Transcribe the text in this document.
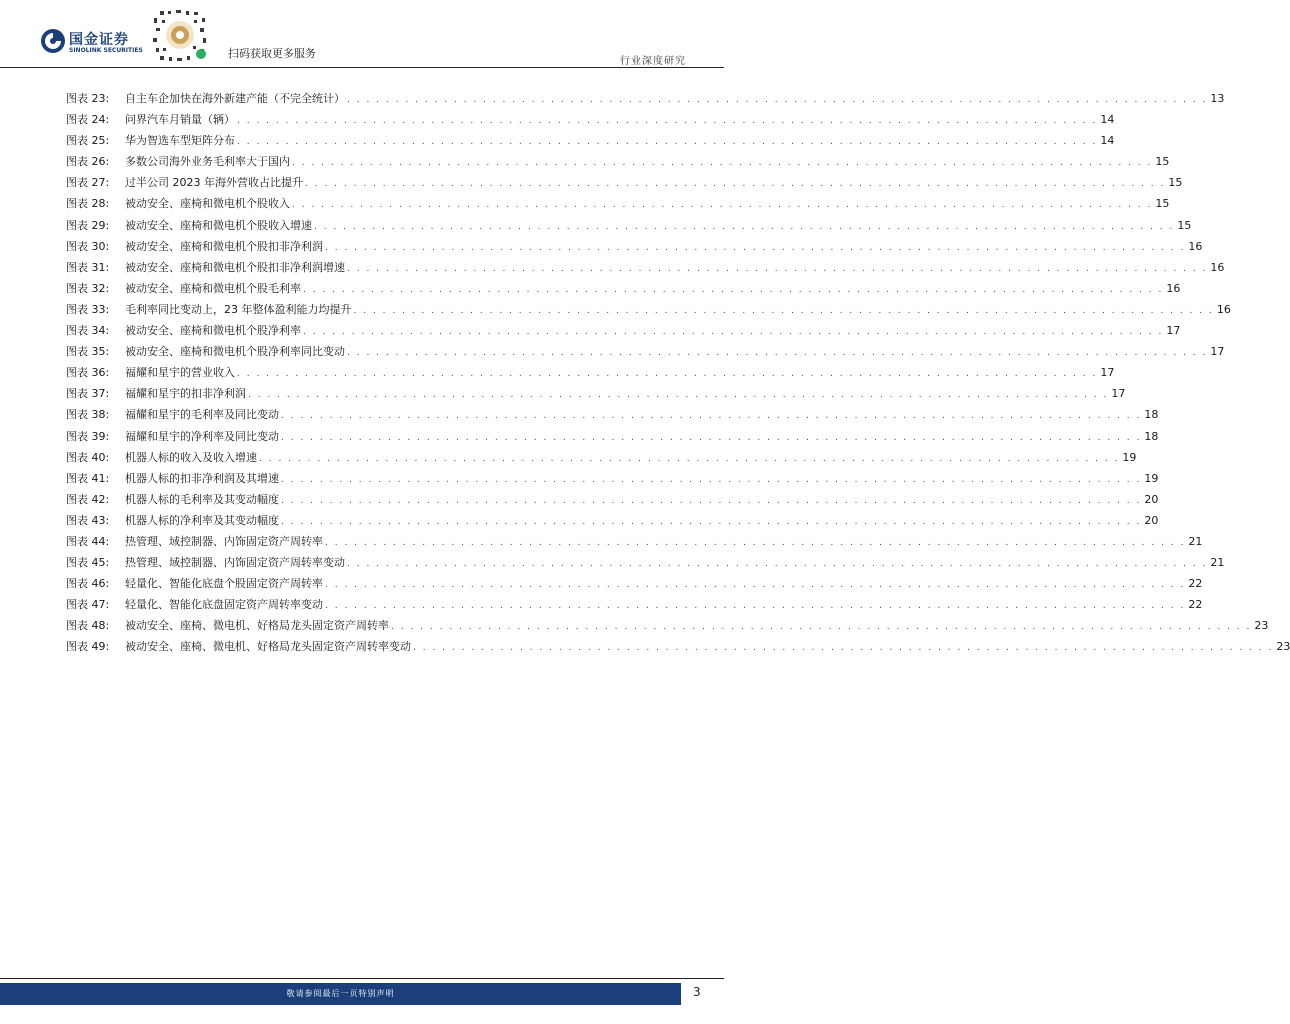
国金证券
SINOLINK SECURITIES	扫码获取更多服务
行业深度研究
图表 23:	自主车企加快在海外新建产能（不完全统计） . . . . . . . . . . . . . . . . . . . . . . . . . . . . . . . . . . . . . . . . . . . . . . . . . . . . . . . . . . . . . . . . . . . . . . . . . . . . . . . . . . . . . . . . . 13
图表 24:	问界汽车月销量（辆） . . . . . . . . . . . . . . . . . . . . . . . . . . . . . . . . . . . . . . . . . . . . . . . . . . . . . . . . . . . . . . . . . . . . . . . . . . . . . . . . . . . . . . . . . 14
图表 25:	华为智选车型矩阵分布 . . . . . . . . . . . . . . . . . . . . . . . . . . . . . . . . . . . . . . . . . . . . . . . . . . . . . . . . . . . . . . . . . . . . . . . . . . . . . . . . . . . . . . . . . 14
图表 26:	多数公司海外业务毛利率大于国内 . . . . . . . . . . . . . . . . . . . . . . . . . . . . . . . . . . . . . . . . . . . . . . . . . . . . . . . . . . . . . . . . . . . . . . . . . . . . . . . . . . . . . . . . . 15
图表 27:	过半公司 2023 年海外营收占比提升 . . . . . . . . . . . . . . . . . . . . . . . . . . . . . . . . . . . . . . . . . . . . . . . . . . . . . . . . . . . . . . . . . . . . . . . . . . . . . . . . . . . . . . . . . 15
图表 28:	被动安全、座椅和微电机个股收入 . . . . . . . . . . . . . . . . . . . . . . . . . . . . . . . . . . . . . . . . . . . . . . . . . . . . . . . . . . . . . . . . . . . . . . . . . . . . . . . . . . . . . . . . . 15
图表 29:	被动安全、座椅和微电机个股收入增速 . . . . . . . . . . . . . . . . . . . . . . . . . . . . . . . . . . . . . . . . . . . . . . . . . . . . . . . . . . . . . . . . . . . . . . . . . . . . . . . . . . . . . . . . . 15
图表 30:	被动安全、座椅和微电机个股扣非净利润 . . . . . . . . . . . . . . . . . . . . . . . . . . . . . . . . . . . . . . . . . . . . . . . . . . . . . . . . . . . . . . . . . . . . . . . . . . . . . . . . . . . . . . . . . 16
图表 31:	被动安全、座椅和微电机个股扣非净利润增速 . . . . . . . . . . . . . . . . . . . . . . . . . . . . . . . . . . . . . . . . . . . . . . . . . . . . . . . . . . . . . . . . . . . . . . . . . . . . . . . . . . . . . . . . . 16
图表 32:	被动安全、座椅和微电机个股毛利率 . . . . . . . . . . . . . . . . . . . . . . . . . . . . . . . . . . . . . . . . . . . . . . . . . . . . . . . . . . . . . . . . . . . . . . . . . . . . . . . . . . . . . . . . . 16
图表 33:	毛利率同比变动上，23 年整体盈利能力均提升 . . . . . . . . . . . . . . . . . . . . . . . . . . . . . . . . . . . . . . . . . . . . . . . . . . . . . . . . . . . . . . . . . . . . . . . . . . . . . . . . . . . . . . . . . 16
图表 34:	被动安全、座椅和微电机个股净利率 . . . . . . . . . . . . . . . . . . . . . . . . . . . . . . . . . . . . . . . . . . . . . . . . . . . . . . . . . . . . . . . . . . . . . . . . . . . . . . . . . . . . . . . . . 17
图表 35:	被动安全、座椅和微电机个股净利率同比变动 . . . . . . . . . . . . . . . . . . . . . . . . . . . . . . . . . . . . . . . . . . . . . . . . . . . . . . . . . . . . . . . . . . . . . . . . . . . . . . . . . . . . . . . . . 17
图表 36:	福耀和星宇的营业收入 . . . . . . . . . . . . . . . . . . . . . . . . . . . . . . . . . . . . . . . . . . . . . . . . . . . . . . . . . . . . . . . . . . . . . . . . . . . . . . . . . . . . . . . . . 17
图表 37:	福耀和星宇的扣非净利润 . . . . . . . . . . . . . . . . . . . . . . . . . . . . . . . . . . . . . . . . . . . . . . . . . . . . . . . . . . . . . . . . . . . . . . . . . . . . . . . . . . . . . . . . . 17
图表 38:	福耀和星宇的毛利率及同比变动 . . . . . . . . . . . . . . . . . . . . . . . . . . . . . . . . . . . . . . . . . . . . . . . . . . . . . . . . . . . . . . . . . . . . . . . . . . . . . . . . . . . . . . . . . 18
图表 39:	福耀和星宇的净利率及同比变动 . . . . . . . . . . . . . . . . . . . . . . . . . . . . . . . . . . . . . . . . . . . . . . . . . . . . . . . . . . . . . . . . . . . . . . . . . . . . . . . . . . . . . . . . . 18
图表 40:	机器人标的收入及收入增速 . . . . . . . . . . . . . . . . . . . . . . . . . . . . . . . . . . . . . . . . . . . . . . . . . . . . . . . . . . . . . . . . . . . . . . . . . . . . . . . . . . . . . . . . . 19
图表 41:	机器人标的扣非净利润及其增速 . . . . . . . . . . . . . . . . . . . . . . . . . . . . . . . . . . . . . . . . . . . . . . . . . . . . . . . . . . . . . . . . . . . . . . . . . . . . . . . . . . . . . . . . . 19
图表 42:	机器人标的毛利率及其变动幅度 . . . . . . . . . . . . . . . . . . . . . . . . . . . . . . . . . . . . . . . . . . . . . . . . . . . . . . . . . . . . . . . . . . . . . . . . . . . . . . . . . . . . . . . . . 20
图表 43:	机器人标的净利率及其变动幅度 . . . . . . . . . . . . . . . . . . . . . . . . . . . . . . . . . . . . . . . . . . . . . . . . . . . . . . . . . . . . . . . . . . . . . . . . . . . . . . . . . . . . . . . . . 20
图表 44:	热管理、域控制器、内饰固定资产周转率 . . . . . . . . . . . . . . . . . . . . . . . . . . . . . . . . . . . . . . . . . . . . . . . . . . . . . . . . . . . . . . . . . . . . . . . . . . . . . . . . . . . . . . . . . 21
图表 45:	热管理、域控制器、内饰固定资产周转率变动 . . . . . . . . . . . . . . . . . . . . . . . . . . . . . . . . . . . . . . . . . . . . . . . . . . . . . . . . . . . . . . . . . . . . . . . . . . . . . . . . . . . . . . . . . 21
图表 46:	轻量化、智能化底盘个股固定资产周转率 . . . . . . . . . . . . . . . . . . . . . . . . . . . . . . . . . . . . . . . . . . . . . . . . . . . . . . . . . . . . . . . . . . . . . . . . . . . . . . . . . . . . . . . . . 22
图表 47:	轻量化、智能化底盘固定资产周转率变动 . . . . . . . . . . . . . . . . . . . . . . . . . . . . . . . . . . . . . . . . . . . . . . . . . . . . . . . . . . . . . . . . . . . . . . . . . . . . . . . . . . . . . . . . . 22
图表 48:	被动安全、座椅、微电机、好格局龙头固定资产周转率 . . . . . . . . . . . . . . . . . . . . . . . . . . . . . . . . . . . . . . . . . . . . . . . . . . . . . . . . . . . . . . . . . . . . . . . . . . . . . . . . . . . . . . . . . 23
图表 49:	被动安全、座椅、微电机、好格局龙头固定资产周转率变动 . . . . . . . . . . . . . . . . . . . . . . . . . . . . . . . . . . . . . . . . . . . . . . . . . . . . . . . . . . . . . . . . . . . . . . . . . . . . . . . . . . . . . . . . . 23
敬请参阅最后一页特别声明	3
